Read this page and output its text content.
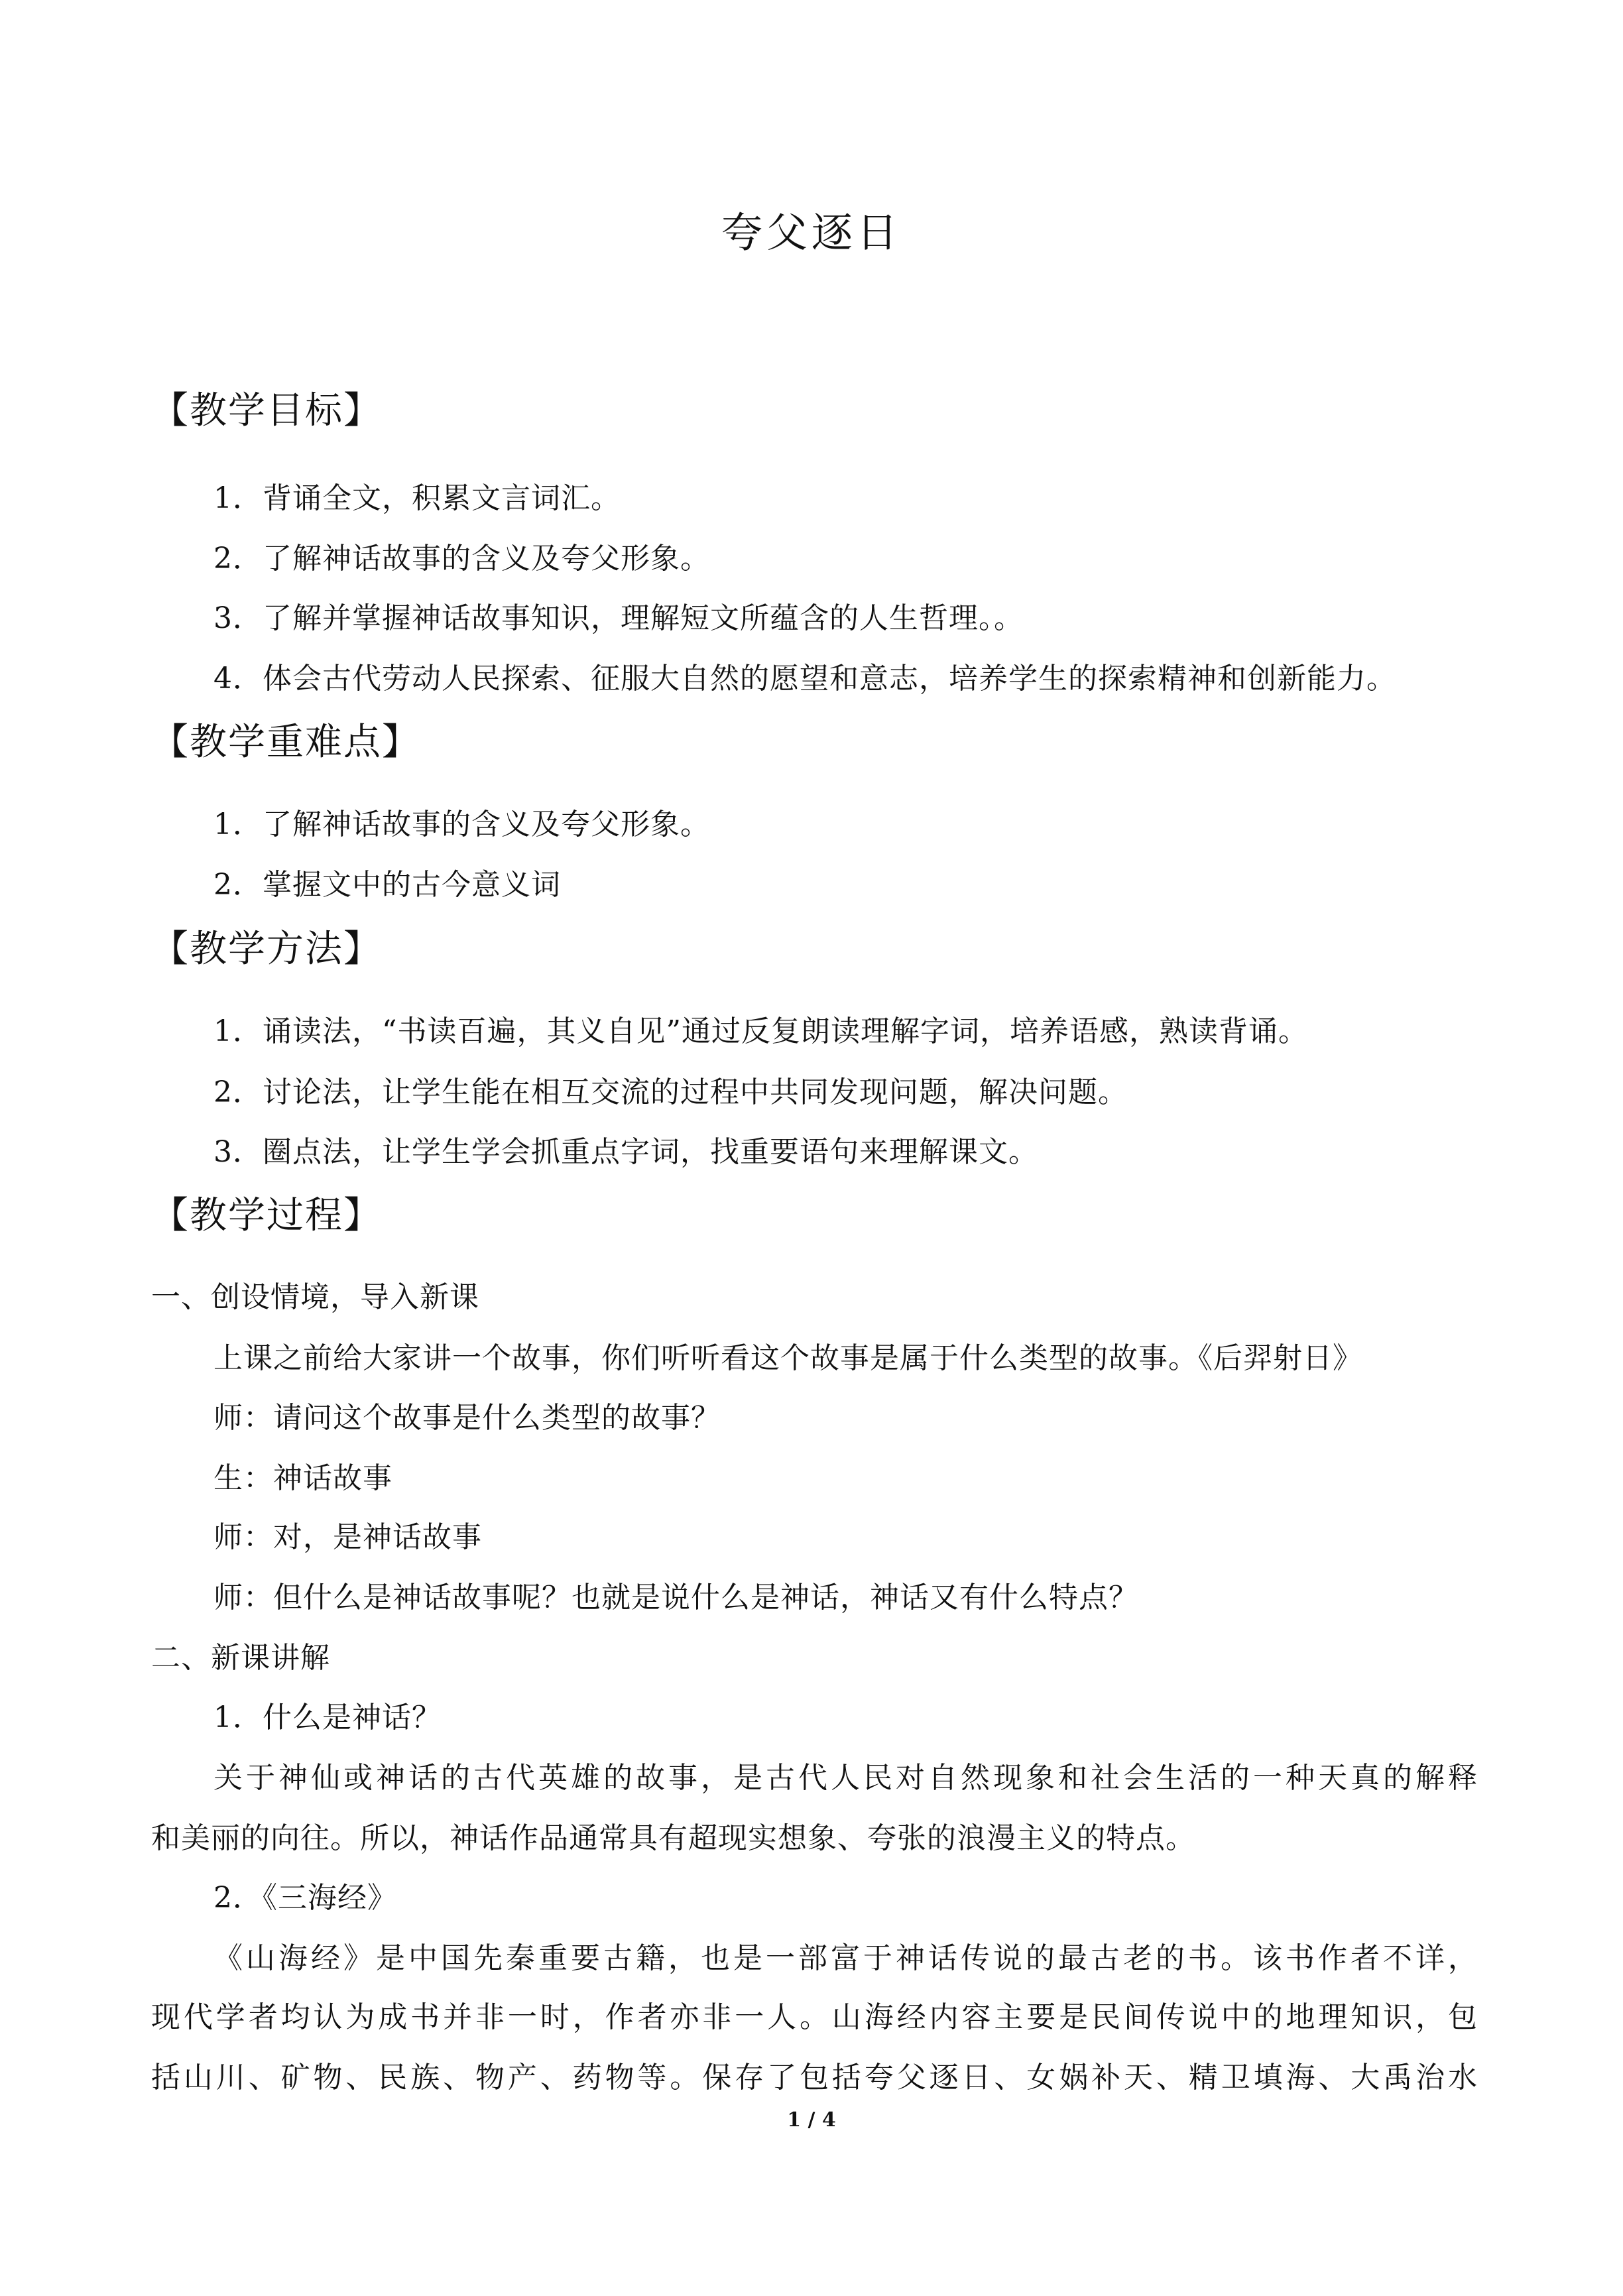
夸父逐日
【教学目标】
1．背诵全文，积累文言词汇。
2．了解神话故事的含义及夸父形象。
3．了解并掌握神话故事知识，理解短文所蕴含的人生哲理。。
4．体会古代劳动人民探索、征服大自然的愿望和意志，培养学生的探索精神和创新能力。
【教学重难点】
1．了解神话故事的含义及夸父形象。
2．掌握文中的古今意义词
【教学方法】
1．诵读法，“书读百遍，其义自见”通过反复朗读理解字词，培养语感，熟读背诵。
2．讨论法，让学生能在相互交流的过程中共同发现问题，解决问题。
3．圈点法，让学生学会抓重点字词，找重要语句来理解课文。
【教学过程】
一、创设情境，导入新课
上课之前给大家讲一个故事，你们听听看这个故事是属于什么类型的故事。《后羿射日》
师：请问这个故事是什么类型的故事？
生：神话故事
师：对，是神话故事
师：但什么是神话故事呢？也就是说什么是神话，神话又有什么特点？
二、新课讲解
1．什么是神话？
关于神仙或神话的古代英雄的故事，是古代人民对自然现象和社会生活的一种天真的解释
和美丽的向往。所以，神话作品通常具有超现实想象、夸张的浪漫主义的特点。
2．《三海经》
《山海经》是中国先秦重要古籍，也是一部富于神话传说的最古老的书。该书作者不详，
现代学者均认为成书并非一时，作者亦非一人。山海经内容主要是民间传说中的地理知识，包
括山川、矿物、民族、物产、药物等。保存了包括夸父逐日、女娲补天、精卫填海、大禹治水
1 / 4
